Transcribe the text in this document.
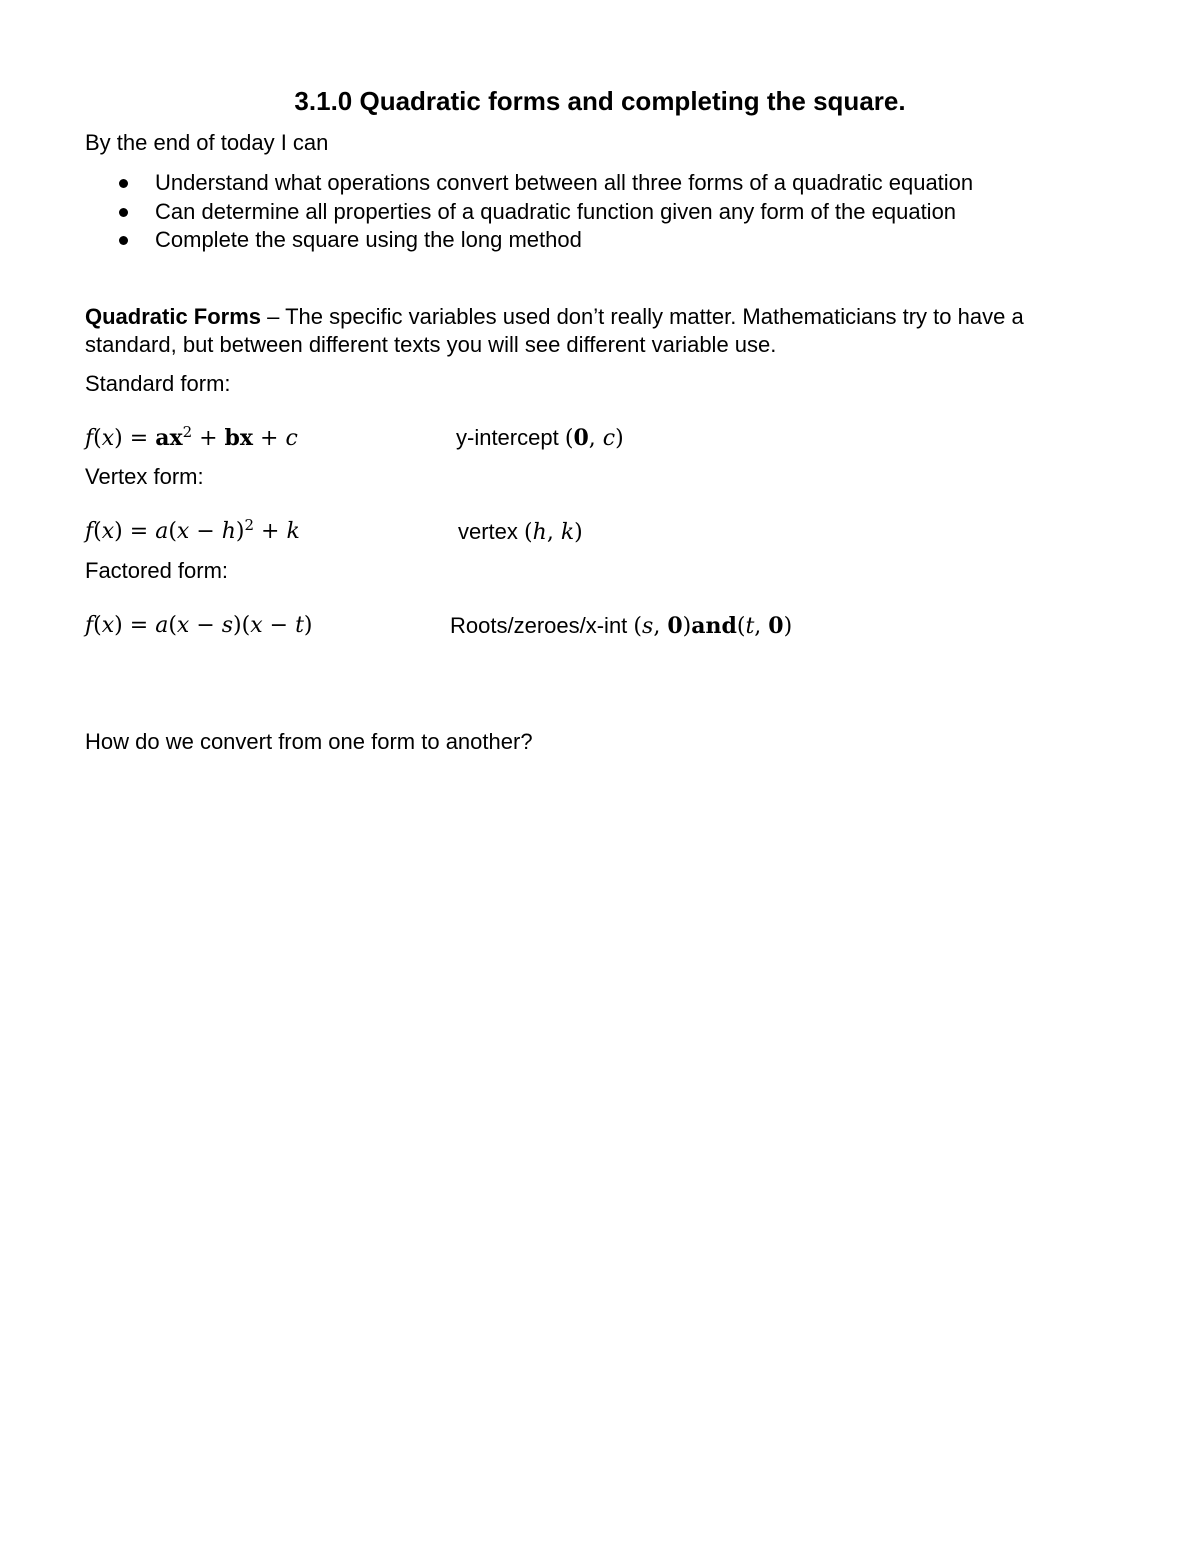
3.1.0 Quadratic forms and completing the square.
By the end of today I can
Understand what operations convert between all three forms of a quadratic equation
Can determine all properties of a quadratic function given any form of the equation
Complete the square using the long method
Quadratic Forms – The specific variables used don’t really matter. Mathematicians try to have a standard, but between different texts you will see different variable use.
Standard form:
$f(x) = ax^2$ + bx + c	y-intercept (0, c)
Vertex form:
$f(x) = a(x - h)^2 + k$	vertex (h, k)
Factored form:
f(x) = a(x − s)(x − t)	Roots/zeroes/x-int (s, 0)and(t, 0)
How do we convert from one form to another?
